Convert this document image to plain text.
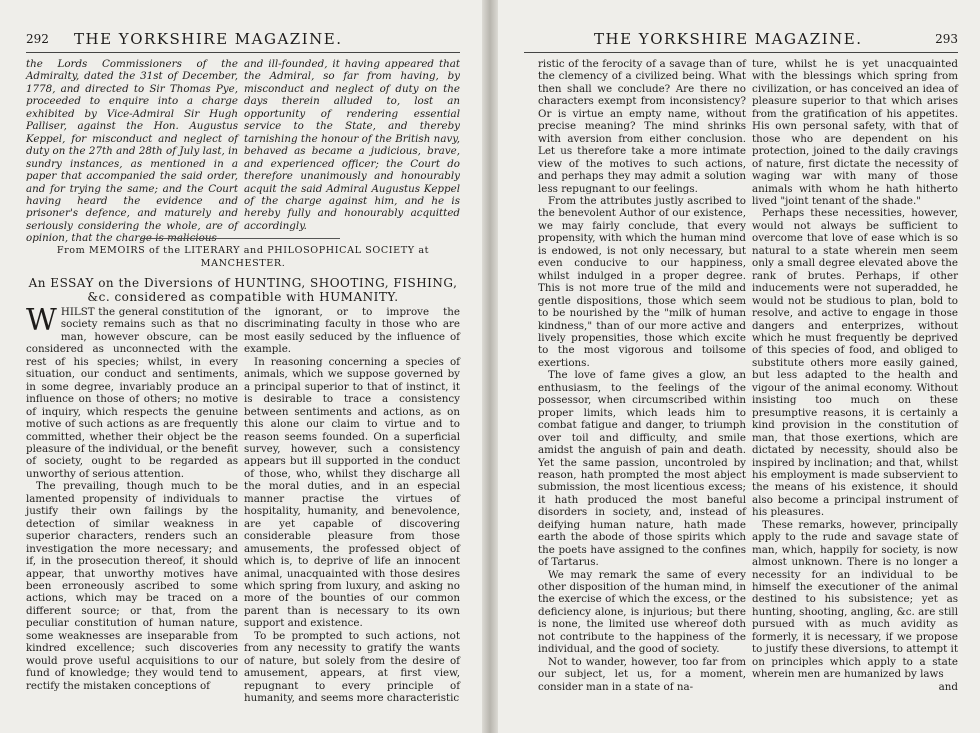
292 THE YORKSHIRE MAGAZINE.

the Lords Commissioners of the Admiralty, dated the 31st of December, 1778, and directed to Sir Thomas Pye, proceeded to enquire into a charge exhibited by Vice-Admiral Sir Hugh Palliser, against the Hon. Augustus Keppel, for misconduct and neglect of duty on the 27th and 28th of July last, in sundry instances, as mentioned in a paper that accompanied the said order, and for trying the same; and the Court having heard the evidence and prisoner's defence, and maturely and seriously considering the whole, are of opinion, that the charge is malicious

and ill-founded, it having appeared that the Admiral, so far from having, by misconduct and neglect of duty on the days therein alluded to, lost an opportunity of rendering essential service to the State, and thereby tarnishing the honour of the British navy, behaved as became a judicious, brave, and experienced officer; the Court do therefore unanimously and honourably acquit the said Admiral Augustus Keppel of the charge against him, and he is hereby fully and honourably acquitted accordingly.

From MEMOIRS of the LITERARY and PHILOSOPHICAL SOCIETY at MANCHESTER.
An ESSAY on the Diversions of HUNTING, SHOOTING, FISHING, &c. considered as compatible with HUMANITY.

WHILST the general constitution of society remains such as that no man, however obscure, can be considered as unconnected with the rest of his species; whilst, in every situation, our conduct and sentiments, in some degree, invariably produce an influence on those of others; no motive of inquiry, which respects the genuine motive of such actions as are frequently committed, whether their object be the pleasure of the individual, or the benefit of society, ought to be regarded as unworthy of serious attention.

The prevailing, though much to be lamented propensity of individuals to justify their own failings by the detection of similar weakness in superior characters, renders such an investigation the more necessary; and if, in the prosecution thereof, it should appear, that unworthy motives have been erroneously ascribed to some actions, which may be traced on a different source; or that, from the peculiar constitution of human nature, some weaknesses are inseparable from kindred excellence; such discoveries would prove useful acquisitions to our fund of knowledge; they would tend to rectify the mistaken conceptions of

the ignorant, or to improve the discriminating faculty in those who are most easily seduced by the influence of example.

In reasoning concerning a species of animals, which we suppose governed by a principal superior to that of instinct, it is desirable to trace a consistency between sentiments and actions, as on this alone our claim to virtue and to reason seems founded. On a superficial survey, however, such a consistency appears but ill supported in the conduct of those, who, whilst they discharge all the moral duties, and in an especial manner practise the virtues of hospitality, humanity, and benevolence, are yet capable of discovering considerable pleasure from those amusements, the professed object of which is, to deprive of life an innocent animal, unacquainted with those desires which spring from luxury, and asking no more of the bounties of our common parent than is necessary to its own support and existence.

To be prompted to such actions, not from any necessity to gratify the wants of nature, but solely from the desire of amusement, appears, at first view, repugnant to every principle of humanity, and seems more characteristic

THE YORKSHIRE MAGAZINE.	293

ristic of the ferocity of a savage than of the clemency of a civilized being. What then shall we conclude? Are there no characters exempt from inconsistency? Or is virtue an empty name, without precise meaning? The mind shrinks with aversion from either conclusion. Let us therefore take a more intimate view of the motives to such actions, and perhaps they may admit a solution less repugnant to our feelings.

From the attributes justly ascribed to the benevolent Author of our existence, we may fairly conclude, that every propensity, with which the human mind is endowed, is not only necessary, but even conducive to our happiness, whilst indulged in a proper degree. This is not more true of the mild and gentle dispositions, those which seem to be nourished by the "milk of human kindness," than of our more active and lively propensities, those which excite to the most vigorous and toilsome exertions.

The love of fame gives a glow, an enthusiasm, to the feelings of the possessor, when circumscribed within proper limits, which leads him to combat fatigue and danger, to triumph over toil and difficulty, and smile amidst the anguish of pain and death. Yet the same passion, uncontroled by reason, hath prompted the most abject submission, the most licentious excess; it hath produced the most baneful disorders in society, and, instead of deifying human nature, hath made earth the abode of those spirits which the poets have assigned to the confines of Tartarus.

We may remark the same of every other disposition of the human mind, in the exercise of which the excess, or the deficiency alone, is injurious; but there is none, the limited use whereof doth not contribute to the happiness of the individual, and the good of society.

Not to wander, however, too far from our subject, let us, for a moment, consider man in a state of na-

ture, whilst he is yet unacquainted with the blessings which spring from civilization, or has conceived an idea of pleasure superior to that which arises from the gratification of his appetites. His own personal safety, with that of those who are dependent on his protection, joined to the daily cravings of nature, first dictate the necessity of waging war with many of those animals with whom he hath hitherto lived "joint tenant of the shade."

Perhaps these necessities, however, would not always be sufficient to overcome that love of ease which is so natural to a state wherein men seem only a small degree elevated above the rank of brutes. Perhaps, if other inducements were not superadded, he would not be studious to plan, bold to resolve, and active to engage in those dangers and enterprizes, without which he must frequently be deprived of this species of food, and obliged to substitute others more easily gained, but less adapted to the health and vigour of the animal economy. Without insisting too much on these presumptive reasons, it is certainly a kind provision in the constitution of man, that those exertions, which are dictated by necessity, should also be inspired by inclination; and that, whilst his employment is made subservient to the means of his existence, it should also become a principal instrument of his pleasures.

These remarks, however, principally apply to the rude and savage state of man, which, happily for society, is now almost unknown. There is no longer a necessity for an individual to be himself the executioner of the animal destined to his subsistence; yet as hunting, shooting, angling, &c. are still pursued with as much avidity as formerly, it is necessary, if we propose to justify these diversions, to attempt it on principles which apply to a state wherein men are humanized by laws

and
